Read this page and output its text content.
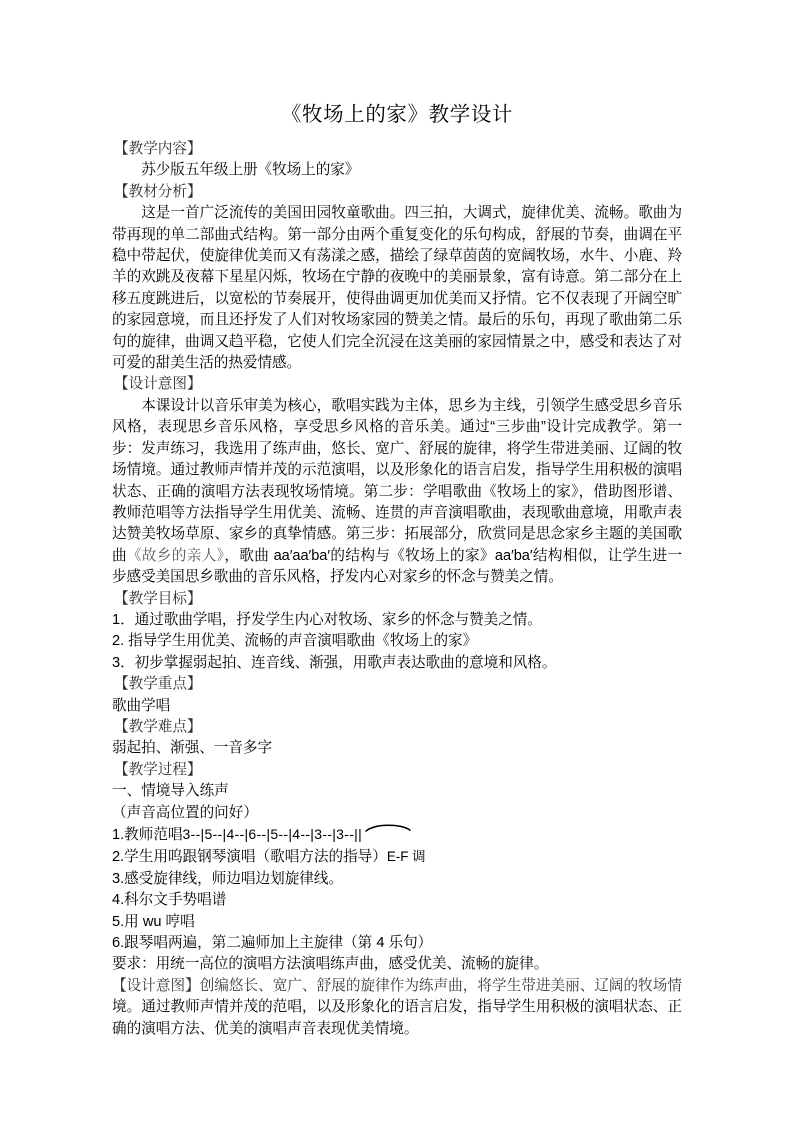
《牧场上的家》教学设计

【教学内容】

苏少版五年级上册《牧场上的家》

【教材分析】

这是一首广泛流传的美国田园牧童歌曲。四三拍，大调式，旋律优美、流畅。歌曲为带再现的单二部曲式结构。第一部分由两个重复变化的乐句构成，舒展的节奏，曲调在平稳中带起伏，使旋律优美而又有荡漾之感，描绘了绿草茵茵的宽阔牧场，水牛、小鹿、羚羊的欢跳及夜幕下星星闪烁，牧场在宁静的夜晚中的美丽景象，富有诗意。第二部分在上移五度跳进后，以宽松的节奏展开，使得曲调更加优美而又抒情。它不仅表现了开阔空旷的家园意境，而且还抒发了人们对牧场家园的赞美之情。最后的乐句，再现了歌曲第二乐句的旋律，曲调又趋平稳，它使人们完全沉浸在这美丽的家园情景之中，感受和表达了对可爱的甜美生活的热爱情感。

【设计意图】

本课设计以音乐审美为核心，歌唱实践为主体，思乡为主线，引领学生感受思乡音乐风格，表现思乡音乐风格，享受思乡风格的音乐美。通过“三步曲”设计完成教学。第一步：发声练习，我选用了练声曲，悠长、宽广、舒展的旋律，将学生带进美丽、辽阔的牧场情境。通过教师声情并茂的示范演唱，以及形象化的语言启发，指导学生用积极的演唱状态、正确的演唱方法表现牧场情境。第二步：学唱歌曲《牧场上的家》，借助图形谱、教师范唱等方法指导学生用优美、流畅、连贯的声音演唱歌曲，表现歌曲意境，用歌声表达赞美牧场草原、家乡的真挚情感。第三步：拓展部分，欣赏同是思念家乡主题的美国歌曲《故乡的亲人》，歌曲 aa′aa′ba′的结构与《牧场上的家》aa′ba′结构相似，让学生进一步感受美国思乡歌曲的音乐风格，抒发内心对家乡的怀念与赞美之情。

【教学目标】

1．通过歌曲学唱，抒发学生内心对牧场、家乡的怀念与赞美之情。

2. 指导学生用优美、流畅的声音演唱歌曲《牧场上的家》

3．初步掌握弱起拍、连音线、渐强，用歌声表达歌曲的意境和风格。

【教学重点】

歌曲学唱

【教学难点】

弱起拍、渐强、一音多字

【教学过程】

一、情境导入练声

（声音高位置的问好）

1.教师范唱3--|5--|4--|6--|5--|4--|3--|3--||

2.学生用呜跟钢琴演唱（歌唱方法的指导）E-F 调

3.感受旋律线，师边唱边划旋律线。

4.科尔文手势唱谱

5.用 wu 哼唱

6.跟琴唱两遍，第二遍师加上主旋律（第 4 乐句）

要求：用统一高位的演唱方法演唱练声曲，感受优美、流畅的旋律。

【设计意图】创编悠长、宽广、舒展的旋律作为练声曲，将学生带进美丽、辽阔的牧场情境。通过教师声情并茂的范唱，以及形象化的语言启发，指导学生用积极的演唱状态、正确的演唱方法、优美的演唱声音表现优美情境。
